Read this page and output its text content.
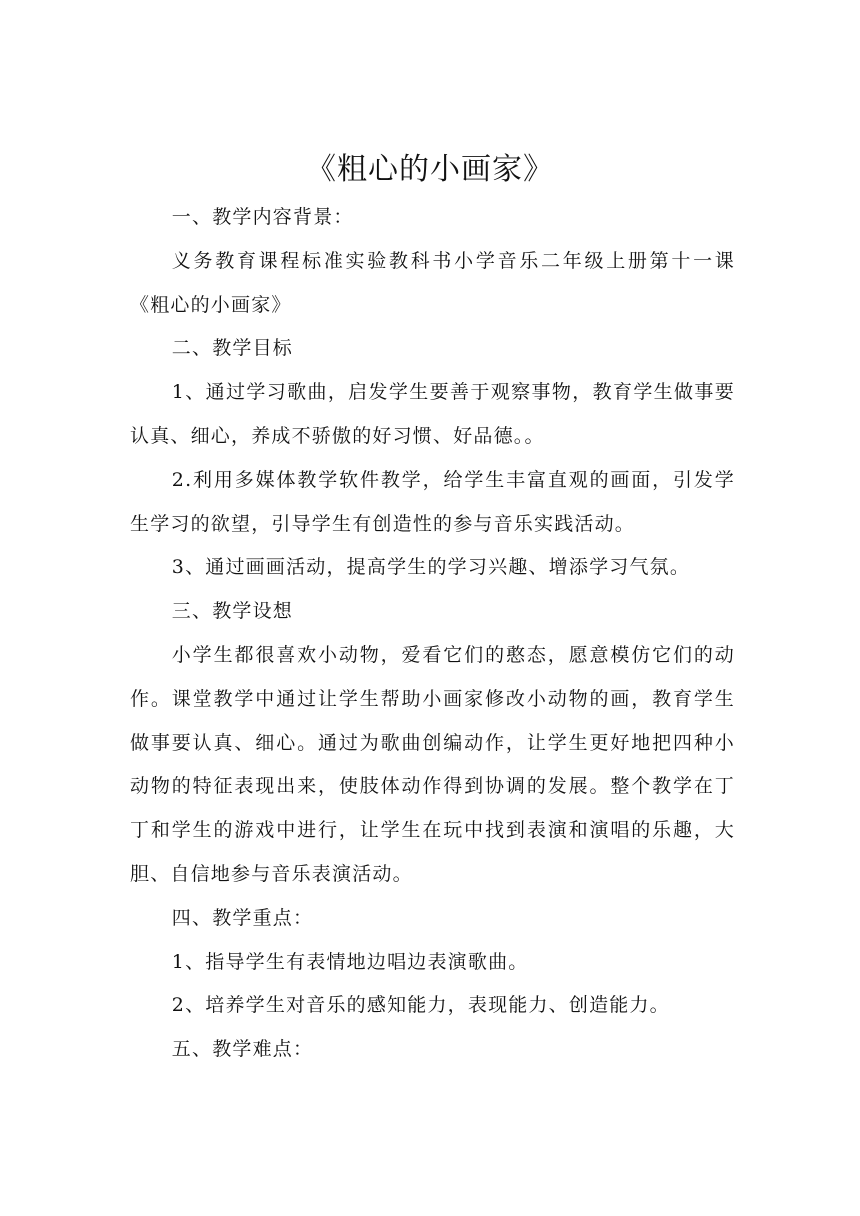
《粗心的小画家》

一、教学内容背景：

义务教育课程标准实验教科书小学音乐二年级上册第十一课《粗心的小画家》

二、教学目标

1、通过学习歌曲，启发学生要善于观察事物，教育学生做事要认真、细心，养成不骄傲的好习惯、好品德。。

2.利用多媒体教学软件教学，给学生丰富直观的画面，引发学生学习的欲望，引导学生有创造性的参与音乐实践活动。

3、通过画画活动，提高学生的学习兴趣、增添学习气氛。

三、教学设想

小学生都很喜欢小动物，爱看它们的憨态，愿意模仿它们的动作。课堂教学中通过让学生帮助小画家修改小动物的画，教育学生做事要认真、细心。通过为歌曲创编动作，让学生更好地把四种小动物的特征表现出来，使肢体动作得到协调的发展。整个教学在丁丁和学生的游戏中进行，让学生在玩中找到表演和演唱的乐趣，大胆、自信地参与音乐表演活动。

四、教学重点：

1、指导学生有表情地边唱边表演歌曲。

2、培养学生对音乐的感知能力，表现能力、创造能力。

五、教学难点：
